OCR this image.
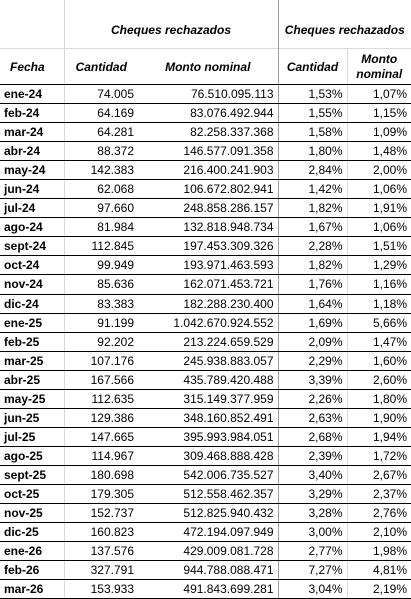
	Cheques rechazados		Cheques rechazados	
Fecha	Cantidad	Monto nominal	Cantidad	Monto
nominal

ene-24	74.005	76.510.095.113	1,53%	1,07%
feb-24	64.169	83.076.492.944	1,55%	1,15%
mar-24	64.281	82.258.337.368	1,58%	1,09%
abr-24	88.372	146.577.091.358	1,80%	1,48%
may-24	142.383	216.400.241.903	2,84%	2,00%
jun-24	62.068	106.672.802.941	1,42%	1,06%
jul-24	97.660	248.858.286.157	1,82%	1,91%
ago-24	81.984	132.818.948.734	1,67%	1,06%
sept-24	112.845	197.453.309.326	2,28%	1,51%
oct-24	99.949	193.971.463.593	1,82%	1,29%
nov-24	85.636	162.071.453.721	1,76%	1,16%
dic-24	83.383	182.288.230.400	1,64%	1,18%
ene-25	91.199	1.042.670.924.552	1,69%	5,66%
feb-25	92.202	213.224.659.529	2,09%	1,47%
mar-25	107.176	245.938.883.057	2,29%	1,60%
abr-25	167.566	435.789.420.488	3,39%	2,60%
may-25	112.635	315.149.377.959	2,26%	1,80%
jun-25	129.386	348.160.852.491	2,63%	1,90%
jul-25	147.665	395.993.984.051	2,68%	1,94%
ago-25	114.967	309.468.888.428	2,39%	1,72%
sept-25	180.698	542.006.735.527	3,40%	2,67%
oct-25	179.305	512.558.462.357	3,29%	2,37%
nov-25	152.737	512.825.940.432	3,28%	2,76%
dic-25	160.823	472.194.097.949	3,00%	2,10%
ene-26	137.576	429.009.081.728	2,77%	1,98%
feb-26	327.791	944.788.088.471	7,27%	4,81%
mar-26	153.933	491.843.699.281	3,04%	2,19%
